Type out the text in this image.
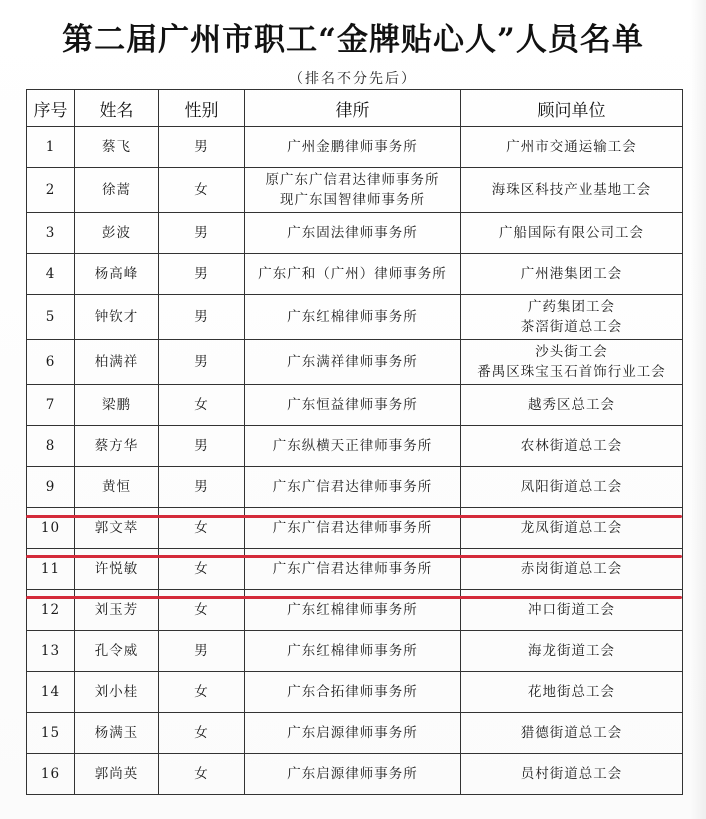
第二届广州市职工“金牌贴心人”人员名单
（排名不分先后）
序号	姓名	性别	律所	顾问单位
1	蔡飞	男	广州金鹏律师事务所	广州市交通运输工会

2	徐蒿	女	原广东广信君达律师事务所
现广东国智律师事务所	海珠区科技产业基地工会

3	彭波	男	广东固法律师事务所	广船国际有限公司工会

4	杨高峰	男	广东广和（广州）律师事务所	广州港集团工会

5	钟钦才	男	广东红棉律师事务所	广药集团工会
茶滘街道总工会

6	柏满祥	男	广东满祥律师事务所	沙头街工会
番禺区珠宝玉石首饰行业工会

7	梁鹏	女	广东恒益律师事务所	越秀区总工会

8	蔡方华	男	广东纵横天正律师事务所	农林街道总工会

9	黄恒	男	广东广信君达律师事务所	凤阳街道总工会

10	郭文萃	女	广东广信君达律师事务所	龙凤街道总工会

11	许悦敏	女	广东广信君达律师事务所	赤岗街道总工会

12	刘玉芳	女	广东红棉律师事务所	冲口街道工会

13	孔令威	男	广东红棉律师事务所	海龙街道工会

14	刘小桂	女	广东合拓律师事务所	花地街总工会

15	杨满玉	女	广东启源律师事务所	猎德街道总工会

16	郭尚英	女	广东启源律师事务所	员村街道总工会
